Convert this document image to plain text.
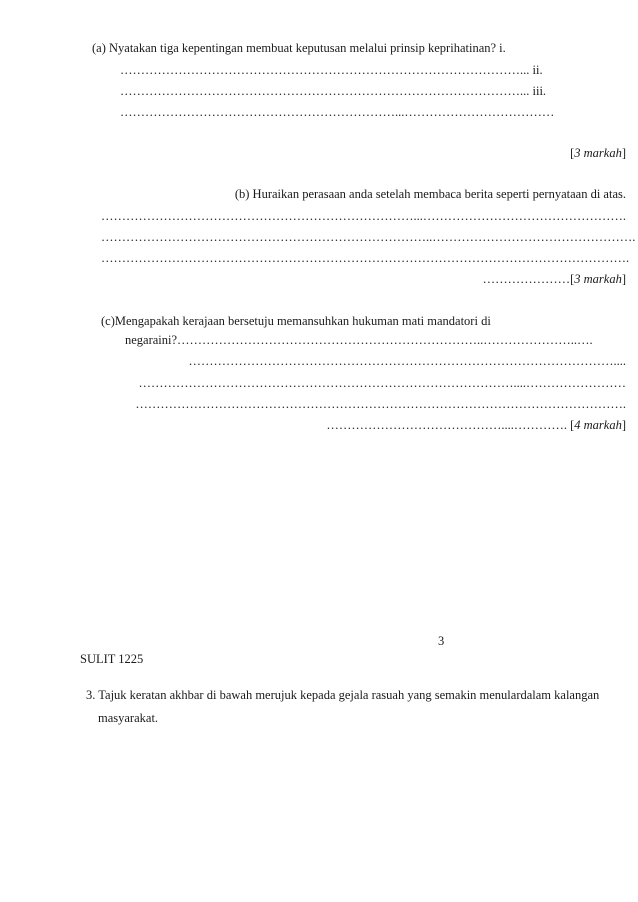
(a) Nyatakan tiga kepentingan membuat keputusan melalui prinsip keprihatinan? i.
……………………………………………………………………………………... ii.
……………………………………………………………………………………... iii.
…………………………………………………………...………………………………
[3 markah]
(b) Huraikan perasaan anda setelah membaca berita seperti pernyataan di atas.
…………………………………………………………………...………………………………………….
……………………………………………………………………..………………………………………….
……………………………………………………………………………………………………………….
…………………[3 markah]
(c)Mengapakah kerajaan bersetuju memansuhkan hukuman mati mandatori di
negaraini?………………………………………………………………..…………………..….
…………………………………………………………………………………………....
………………………………………………………………………………....……………………
……………………………………………………………………………………………………….
……………………………………....…………. [4 markah]
3
SULIT 1225
3. Tajuk keratan akhbar di bawah merujuk kepada gejala rasuah yang semakin menulardalam kalangan
masyarakat.
